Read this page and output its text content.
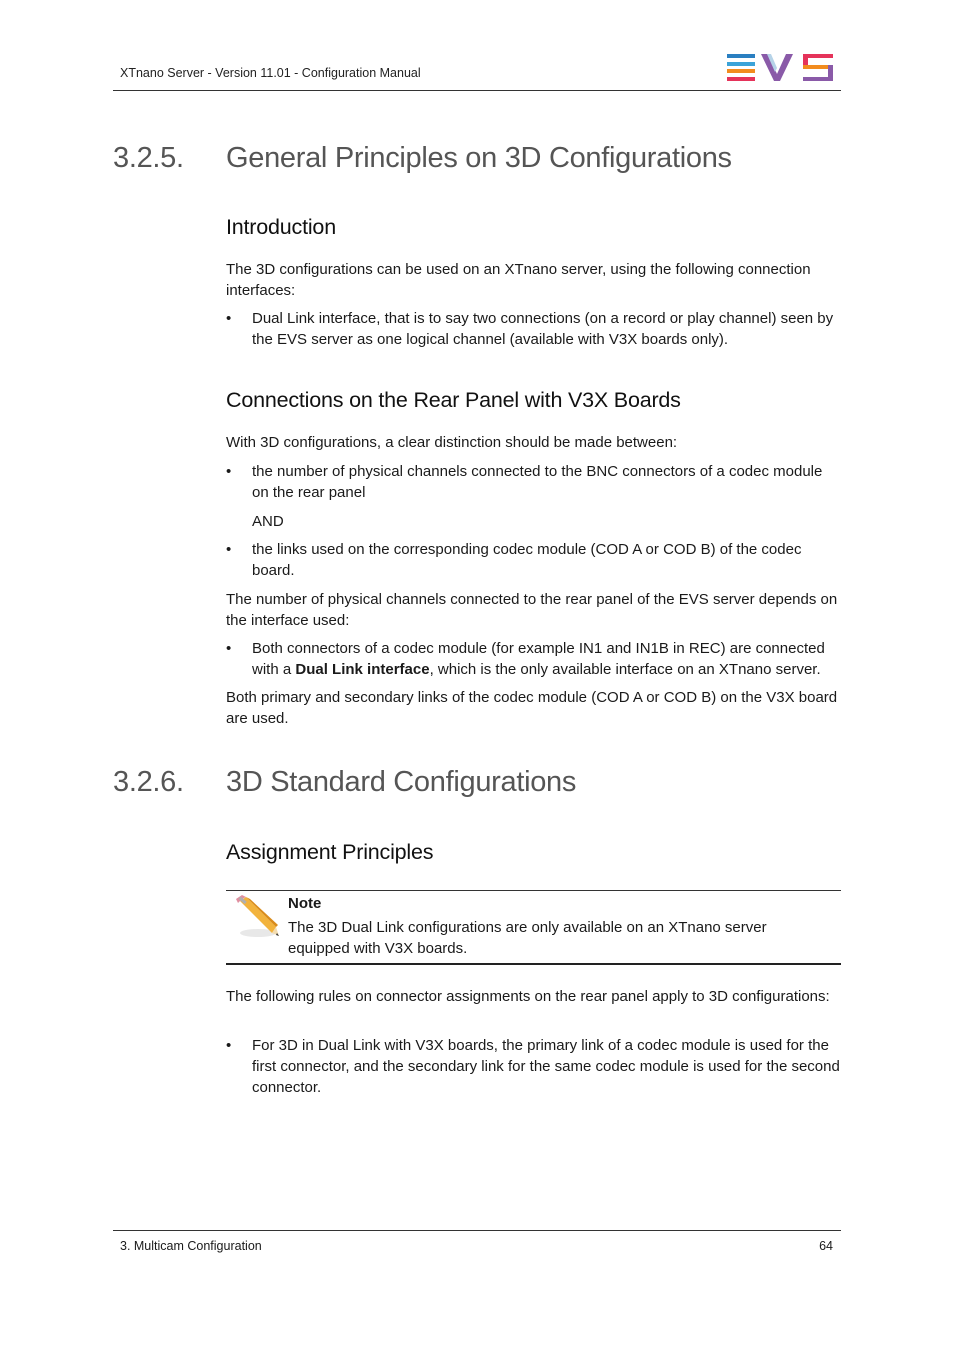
XTnano Server - Version 11.01 - Configuration Manual
3.2.5. General Principles on 3D Configurations
Introduction
The 3D configurations can be used on an XTnano server, using the following connection interfaces:
• Dual Link interface, that is to say two connections (on a record or play channel) seen by the EVS server as one logical channel (available with V3X boards only).
Connections on the Rear Panel with V3X Boards
With 3D configurations, a clear distinction should be made between:
• the number of physical channels connected to the BNC connectors of a codec module on the rear panel
AND
• the links used on the corresponding codec module (COD A or COD B) of the codec board.
The number of physical channels connected to the rear panel of the EVS server depends on the interface used:
• Both connectors of a codec module (for example IN1 and IN1B in REC) are connected with a Dual Link interface, which is the only available interface on an XTnano server.
Both primary and secondary links of the codec module (COD A or COD B) on the V3X board are used.
3.2.6. 3D Standard Configurations
Assignment Principles
Note
The 3D Dual Link configurations are only available on an XTnano server equipped with V3X boards.
The following rules on connector assignments on the rear panel apply to 3D configurations:
• For 3D in Dual Link with V3X boards, the primary link of a codec module is used for the first connector, and the secondary link for the same codec module is used for the second connector.
3. Multicam Configuration	64
